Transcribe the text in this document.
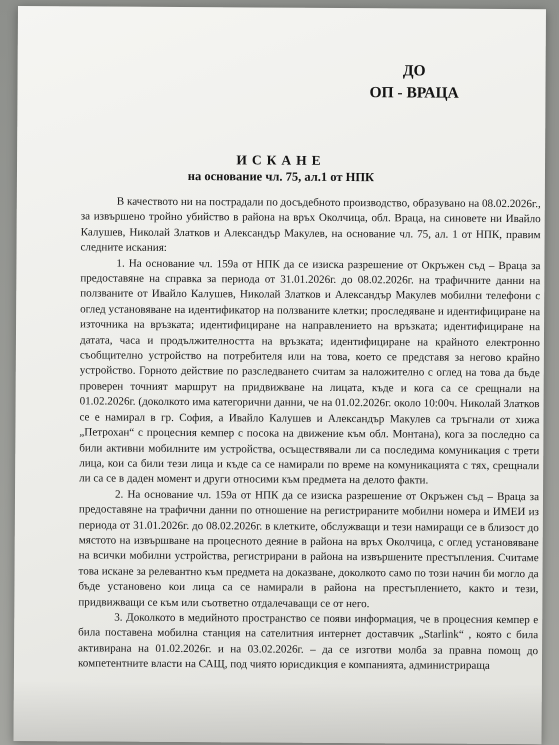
ДО
ОП - ВРАЦА
ИСКАНЕ
на основание чл. 75, ал.1 от НПК

В качеството ни на пострадали по досъдебното производство, образувано на 08.02.2026г., за извършено тройно убийство в района на връх Околчица, обл. Враца, на синовете ни Ивайло Калушев, Николай Златков и Александър Макулев, на основание чл. 75, ал. 1 от НПК, правим следните искания:

1. На основание чл. 159а от НПК да се изиска разрешение от Окръжен съд – Враца за предоставяне на справка за периода от 31.01.2026г. до 08.02.2026г. на трафичните данни на ползваните от Ивайло Калушев, Николай Златков и Александър Макулев мобилни телефони с оглед установяване на идентификатор на ползваните клетки; проследяване и идентифициране на източника на връзката; идентифициране на направлението на връзката; идентифициране на датата, часа и продължителността на връзката; идентифициране на крайното електронно съобщително устройство на потребителя или на това, което се представя за негово крайно устройство. Горното действие по разследването считам за наложително с оглед на това да бъде проверен точният маршрут на придвижване на лицата, къде и кога са се срещнали на 01.02.2026г. (доколкото има категорични данни, че на 01.02.2026г. около 10:00ч. Николай Златков се е намирал в гр. София, а Ивайло Калушев и Александър Макулев са тръгнали от хижа „Петрохан“ с процесния кемпер с посока на движение към обл. Монтана), кога за последно са били активни мобилните им устройства, осъществявали ли са последима комуникация с трети лица, кои са били тези лица и къде са се намирали по време на комуникацията с тях, срещнали ли са се в даден момент и други относими към предмета на делото факти.

2. На основание чл. 159а от НПК да се изиска разрешение от Окръжен съд – Враца за предоставяне на трафични данни по отношение на регистрираните мобилни номера и ИМЕИ из периода от 31.01.2026г. до 08.02.2026г. в клетките, обслужващи и тези намиращи се в близост до мястото на извършване на процесното деяние в района на връх Околчица, с оглед установяване на всички мобилни устройства, регистрирани в района на извършените престъпления. Считаме това искане за релевантно към предмета на доказване, доколкото само по този начин би могло да бъде установено кои лица са се намирали в района на престъплението, както и тези, придвижващи се към или съответно отдалечаващи се от него.

3. Доколкото в медийното пространство се появи информация, че в процесния кемпер е била поставена мобилна станция на сателитния интернет доставчик „Starlink“ , която с била активирана на 01.02.2026г. и на 03.02.2026г. – да се изготви молба за правна помощ до компетентните власти на САЩ, под чиято юрисдикция е компанията, администрираща
